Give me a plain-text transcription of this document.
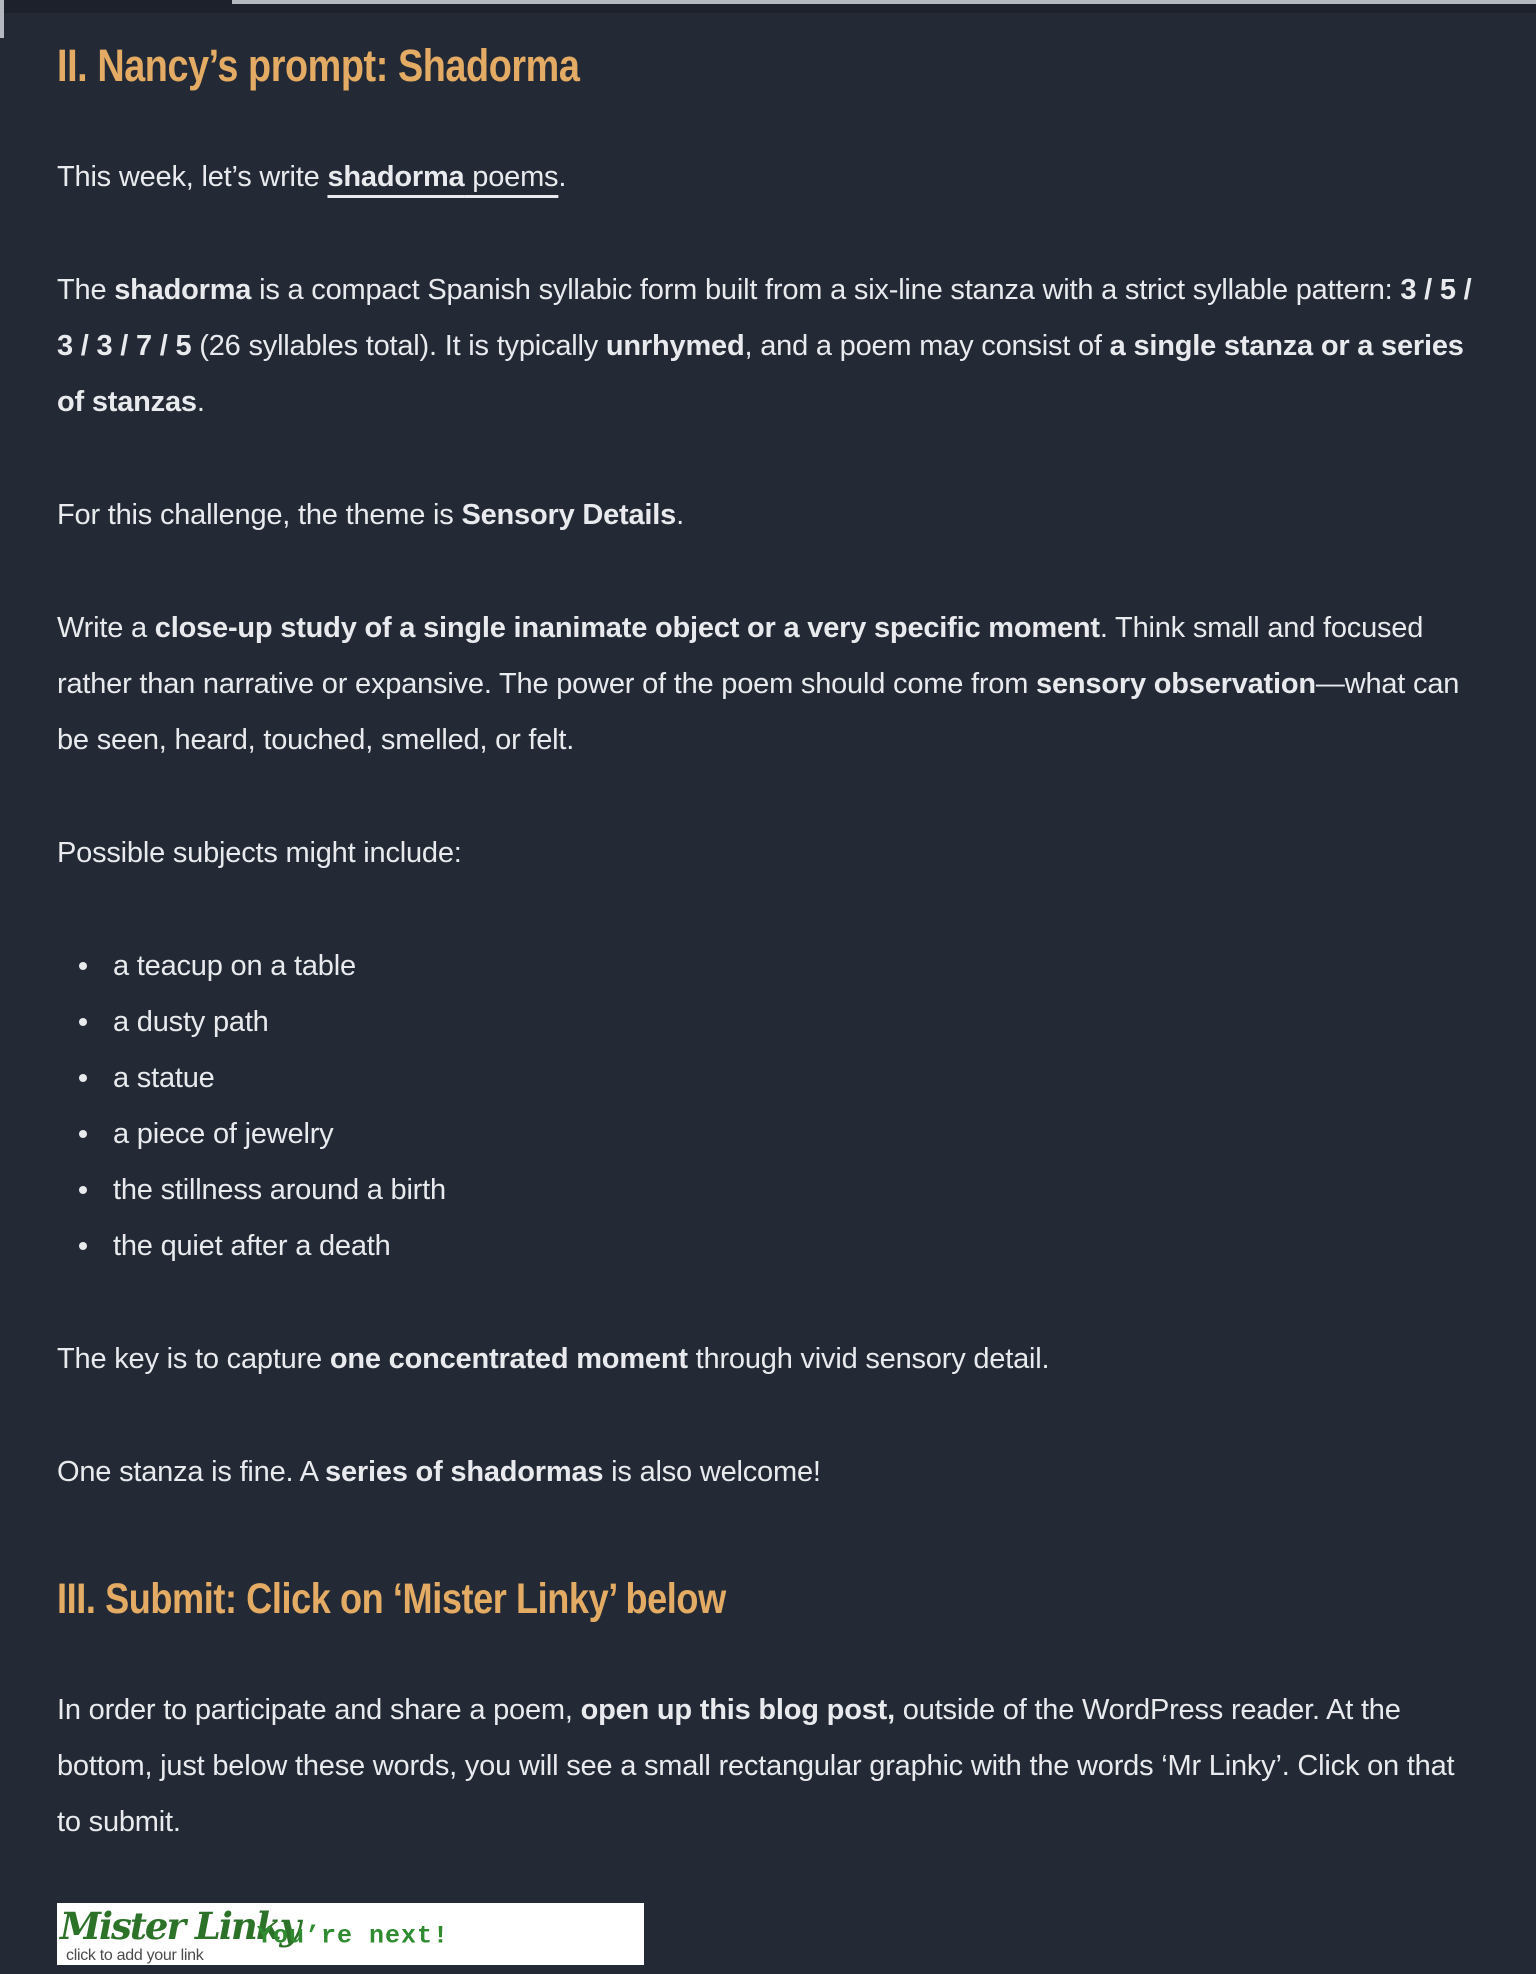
II. Nancy’s prompt: Shadorma

This week, let’s write shadorma poems.

The shadorma is a compact Spanish syllabic form built from a six-line stanza with a strict syllable pattern: 3 / 5 / 3 / 3 / 7 / 5 (26 syllables total). It is typically unrhymed, and a poem may consist of a single stanza or a series of stanzas.

For this challenge, the theme is Sensory Details.

Write a close-up study of a single inanimate object or a very specific moment. Think small and focused rather than narrative or expansive. The power of the poem should come from sensory observation—what can be seen, heard, touched, smelled, or felt.

Possible subjects might include:

a teacup on a table
a dusty path
a statue
a piece of jewelry
the stillness around a birth
the quiet after a death

The key is to capture one concentrated moment through vivid sensory detail.

One stanza is fine. A series of shadormas is also welcome!

III. Submit: Click on ‘Mister Linky’ below

In order to participate and share a poem, open up this blog post, outside of the WordPress reader. At the bottom, just below these words, you will see a small rectangular graphic with the words ‘Mr Linky’. Click on that to submit.

Mister Linky
click to add your link
You’re next!
